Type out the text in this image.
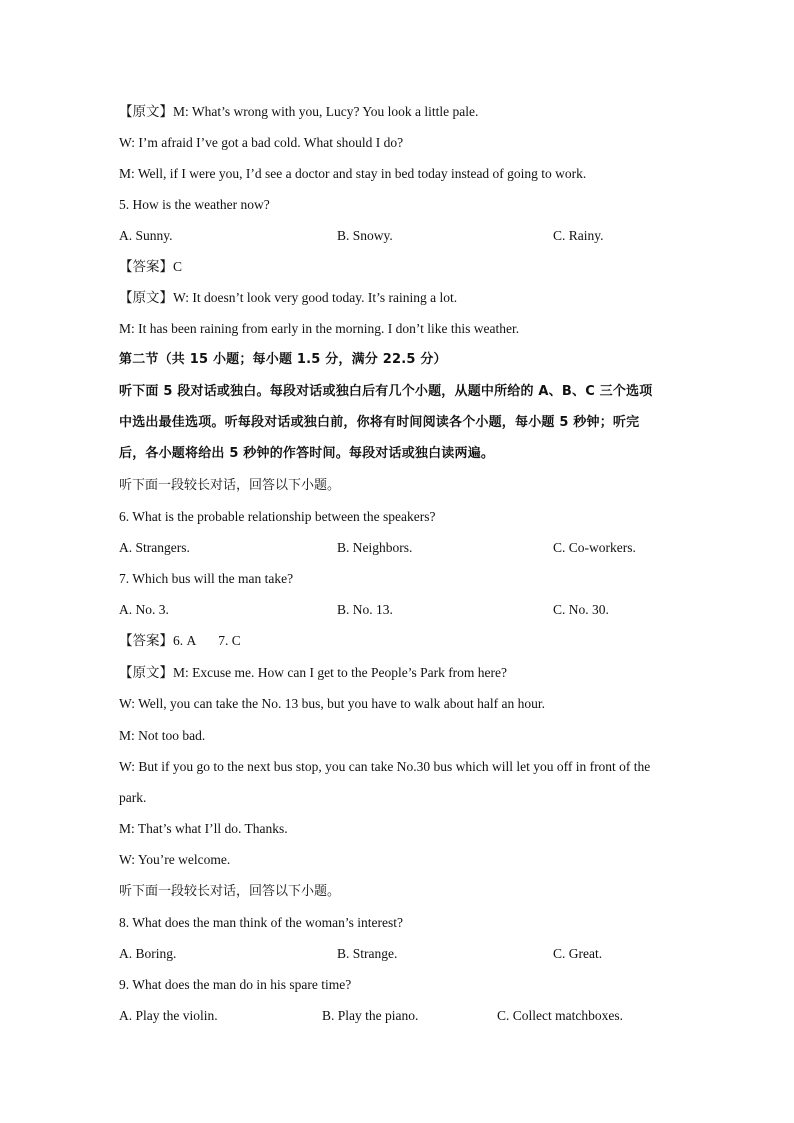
【原文】M: What’s wrong with you, Lucy? You look a little pale.
W: I’m afraid I’ve got a bad cold. What should I do?
M: Well, if I were you, I’d see a doctor and stay in bed today instead of going to work.
5. How is the weather now?
A. Sunny.	B. Snowy.	C. Rainy.
【答案】C
【原文】W: It doesn’t look very good today. It’s raining a lot.
M: It has been raining from early in the morning. I don’t like this weather.
第二节（共 15 小题；每小题 1.5 分，满分 22.5 分）
听下面 5 段对话或独白。每段对话或独白后有几个小题，从题中所给的 A、B、C 三个选项
中选出最佳选项。听每段对话或独白前，你将有时间阅读各个小题，每小题 5 秒钟；听完
后，各小题将给出 5 秒钟的作答时间。每段对话或独白读两遍。
听下面一段较长对话，回答以下小题。
6. What is the probable relationship between the speakers?
A. Strangers.	B. Neighbors.	C. Co-workers.
7. Which bus will the man take?
A. No. 3.	B. No. 13.	C. No. 30.
【答案】6. A 7. C
【原文】M: Excuse me. How can I get to the People’s Park from here?
W: Well, you can take the No. 13 bus, but you have to walk about half an hour.
M: Not too bad.
W: But if you go to the next bus stop, you can take No.30 bus which will let you off in front of the
park.
M: That’s what I’ll do. Thanks.
W: You’re welcome.
听下面一段较长对话，回答以下小题。
8. What does the man think of the woman’s interest?
A. Boring.	B. Strange.	C. Great.
9. What does the man do in his spare time?
A. Play the violin.	B. Play the piano.	C. Collect matchboxes.
